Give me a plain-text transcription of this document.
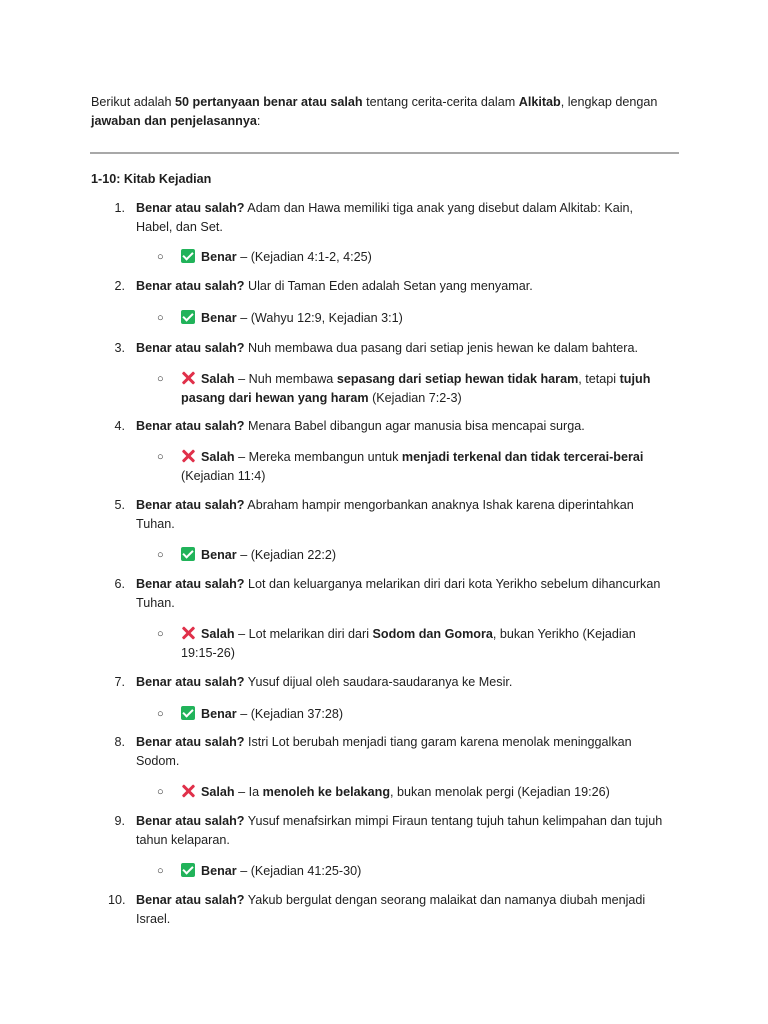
Berikut adalah 50 pertanyaan benar atau salah tentang cerita-cerita dalam Alkitab, lengkap dengan jawaban dan penjelasannya:
1-10: Kitab Kejadian
1. Benar atau salah? Adam dan Hawa memiliki tiga anak yang disebut dalam Alkitab: Kain, Habel, dan Set.
○	Benar – (Kejadian 4:1-2, 4:25)
2. Benar atau salah? Ular di Taman Eden adalah Setan yang menyamar.
○	Benar – (Wahyu 12:9, Kejadian 3:1)
3. Benar atau salah? Nuh membawa dua pasang dari setiap jenis hewan ke dalam bahtera.
○	Salah – Nuh membawa sepasang dari setiap hewan tidak haram, tetapi tujuh pasang dari hewan yang haram (Kejadian 7:2-3)
4. Benar atau salah? Menara Babel dibangun agar manusia bisa mencapai surga.
○	Salah – Mereka membangun untuk menjadi terkenal dan tidak tercerai-berai (Kejadian 11:4)
5. Benar atau salah? Abraham hampir mengorbankan anaknya Ishak karena diperintahkan Tuhan.
○	Benar – (Kejadian 22:2)
6. Benar atau salah? Lot dan keluarganya melarikan diri dari kota Yerikho sebelum dihancurkan Tuhan.
○	Salah – Lot melarikan diri dari Sodom dan Gomora, bukan Yerikho (Kejadian 19:15-26)
7. Benar atau salah? Yusuf dijual oleh saudara-saudaranya ke Mesir.
○	Benar – (Kejadian 37:28)
8. Benar atau salah? Istri Lot berubah menjadi tiang garam karena menolak meninggalkan Sodom.
○	Salah – Ia menoleh ke belakang, bukan menolak pergi (Kejadian 19:26)
9. Benar atau salah? Yusuf menafsirkan mimpi Firaun tentang tujuh tahun kelimpahan dan tujuh tahun kelaparan.
○	Benar – (Kejadian 41:25-30)
10. Benar atau salah? Yakub bergulat dengan seorang malaikat dan namanya diubah menjadi Israel.
